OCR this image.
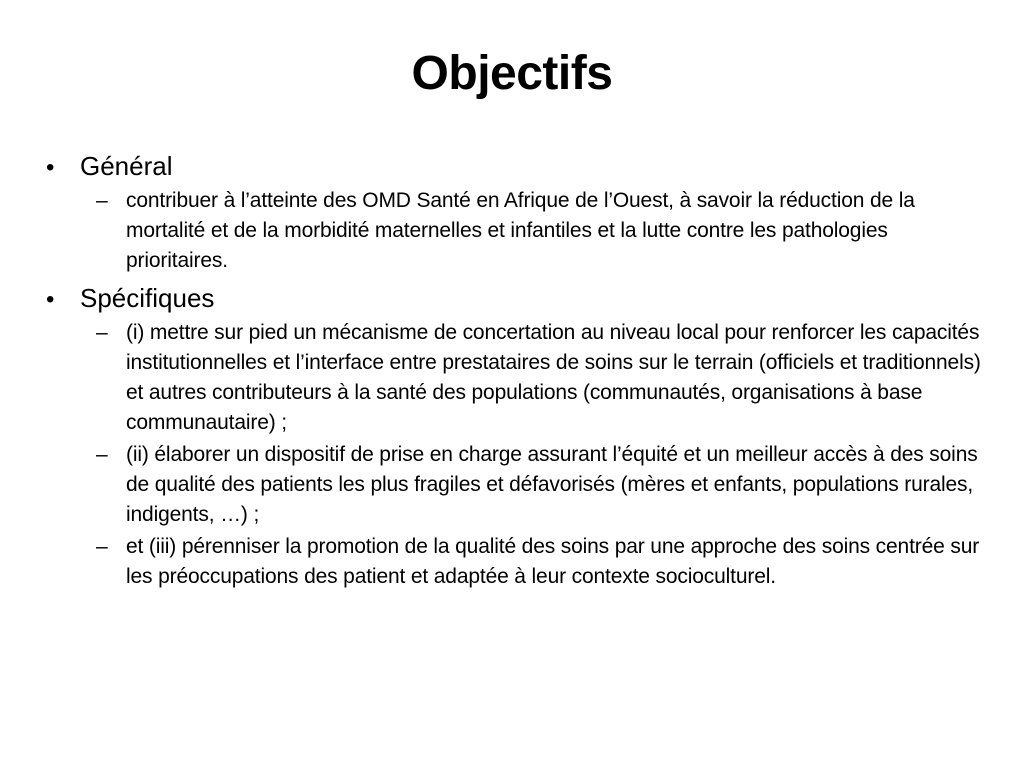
Objectifs
• Général
– contribuer à l’atteinte des OMD Santé en Afrique de l’Ouest, à savoir la réduction de la mortalité et de la morbidité maternelles et infantiles et la lutte contre les pathologies prioritaires.
• Spécifiques
– (i) mettre sur pied un mécanisme de concertation au niveau local pour renforcer les capacités institutionnelles et l’interface entre prestataires de soins sur le terrain (officiels et traditionnels) et autres contributeurs à la santé des populations (communautés, organisations à base communautaire) ;
– (ii) élaborer un dispositif de prise en charge assurant l’équité et un meilleur accès à des soins de qualité des patients les plus fragiles et défavorisés (mères et enfants, populations rurales, indigents, …) ;
– et (iii) pérenniser la promotion de la qualité des soins par une approche des soins centrée sur les préoccupations des patient et adaptée à leur contexte socioculturel.
